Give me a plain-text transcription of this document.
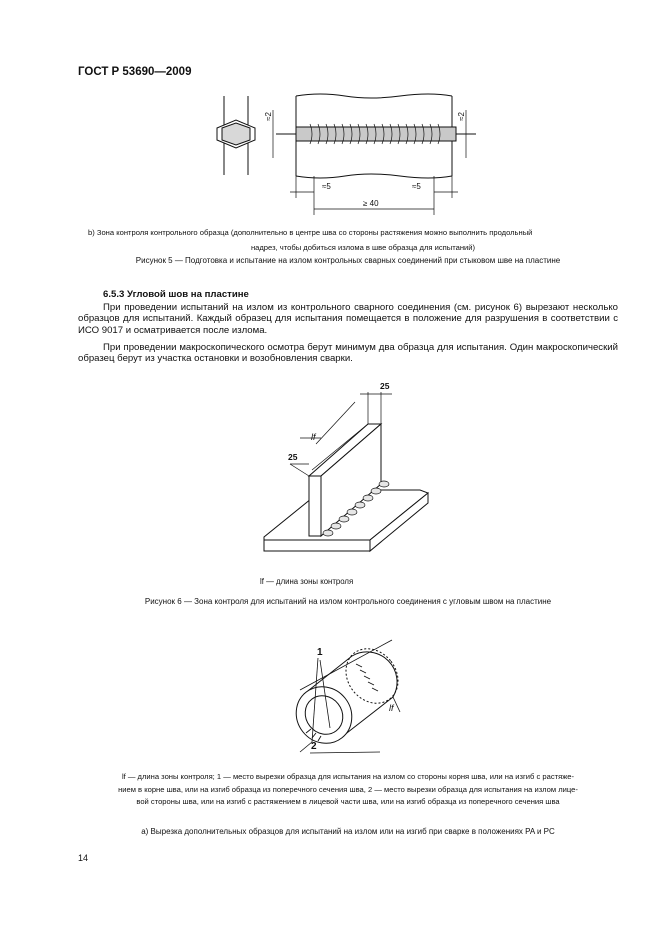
ГОСТ Р 53690—2009
≈2	≈2
≈5	≈5
≥ 40
b) Зона контроля контрольного образца (дополнительно в центре шва со стороны растяжения можно выполнить продольный
надрез, чтобы добиться излома в шве образца для испытаний)
Рисунок 5 — Подготовка и испытание на излом контрольных сварных соединений при стыковом шве на пластине
6.5.3 Угловой шов на пластине
При проведении испытаний на излом из контрольного сварного соединения (см. рисунок 6) вырезают несколько образцов для испытаний. Каждый образец для испытания помещается в положение для разрушения в соответствии с ИСО 9017 и осматривается после излома.
При проведении макроскопического осмотра берут минимум два образца для испытания. Один макроскопический образец берут из участка остановки и возобновления сварки.
25
25
lf
lf — длина зоны контроля
Рисунок 6 — Зона контроля для испытаний на излом контрольного соединения с угловым швом на пластине
1
2
lf
lf — длина зоны контроля; 1 — место вырезки образца для испытания на излом со стороны корня шва, или на изгиб с растяже-
нием в корне шва, или на изгиб образца из поперечного сечения шва, 2 — место вырезки образца для испытания на излом лице-
вой стороны шва, или на изгиб с растяжением в лицевой части шва, или на изгиб образца из поперечного сечения шва
а) Вырезка дополнительных образцов для испытаний на излом или на изгиб при сварке в положениях PA и PC
14
